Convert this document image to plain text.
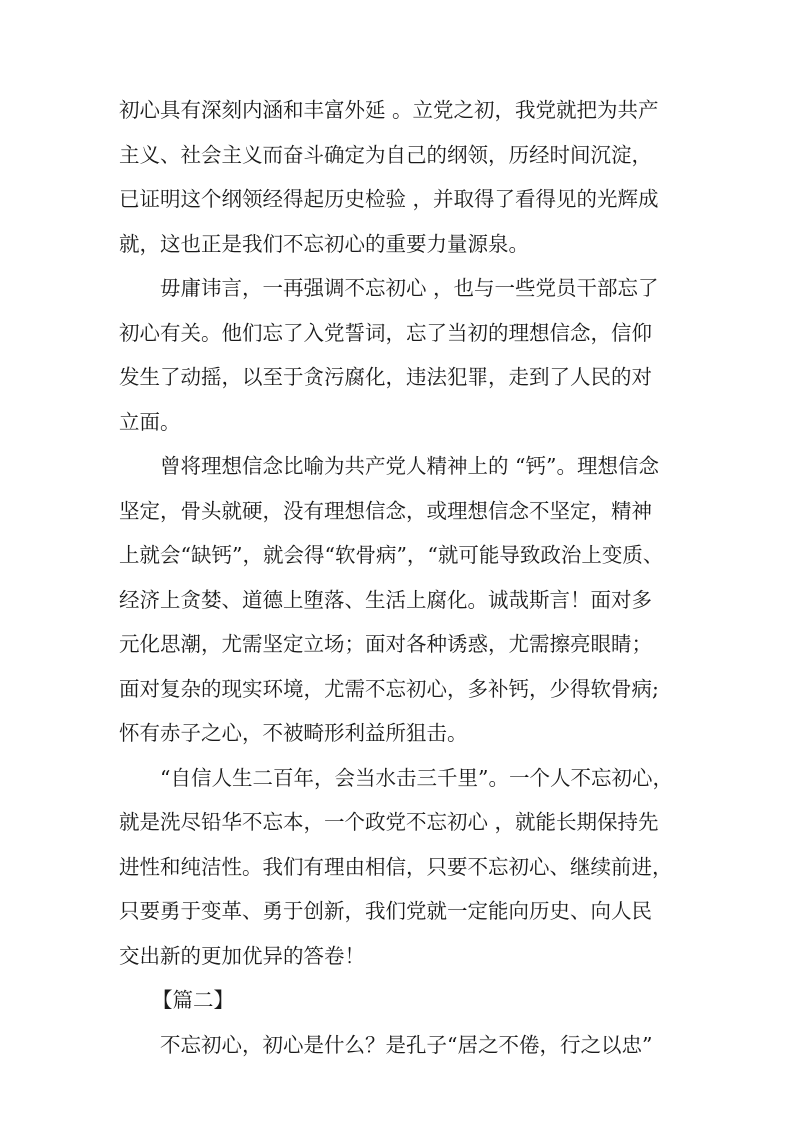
初心具有深刻内涵和丰富外延 。立党之初，我党就把为共产

主义、社会主义而奋斗确定为自己的纲领，历经时间沉淀，

已证明这个纲领经得起历史检验 ，并取得了看得见的光辉成

就，这也正是我们不忘初心的重要力量源泉。

毋庸讳言，一再强调不忘初心 ，也与一些党员干部忘了

初心有关。他们忘了入党誓词，忘了当初的理想信念，信仰

发生了动摇，以至于贪污腐化，违法犯罪，走到了人民的对

立面。

曾将理想信念比喻为共产党人精神上的 “钙”。理想信念

坚定，骨头就硬，没有理想信念，或理想信念不坚定，精神

上就会“缺钙”，就会得“软骨病”，“就可能导致政治上变质、

经济上贪婪、道德上堕落、生活上腐化。诚哉斯言！面对多

元化思潮，尤需坚定立场；面对各种诱惑，尤需擦亮眼睛；

面对复杂的现实环境，尤需不忘初心，多补钙，少得软骨病;

怀有赤子之心，不被畸形利益所狙击。

“自信人生二百年，会当水击三千里”。一个人不忘初心，

就是洗尽铅华不忘本，一个政党不忘初心 ，就能长期保持先

进性和纯洁性。我们有理由相信，只要不忘初心、继续前进，

只要勇于变革、勇于创新，我们党就一定能向历史、向人民

交出新的更加优异的答卷！

【篇二】

不忘初心，初心是什么？是孔子“居之不倦，行之以忠”
